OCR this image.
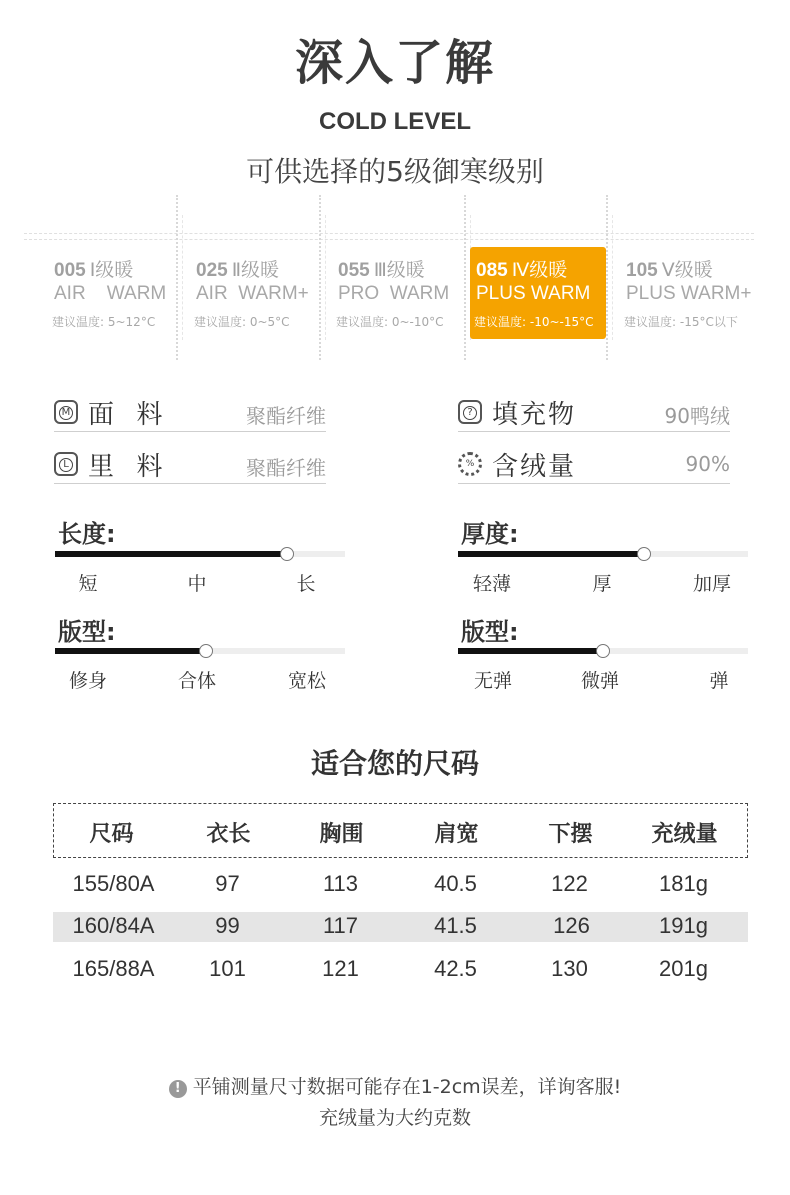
深入了解
COLD LEVEL
可供选择的5级御寒级别
005 Ⅰ级暖
AIR    WARM
建议温度: 5~12°C
025 Ⅱ级暖
AIR  WARM+
建议温度: 0~5°C
055 Ⅲ级暖
PRO  WARM
建议温度: 0~-10°C
085 Ⅳ级暖
PLUS WARM
建议温度: -10~-15°C
105 Ⅴ级暖
PLUS WARM+
建议温度: -15°C以下
M 面  料	聚酯纤维
L 里  料	聚酯纤维
? 填充物	90鸭绒
% 含绒量	90%
长度:
短	中	长
厚度:
轻薄	厚	加厚
版型:
修身	合体	宽松
版型:
无弹	微弹	弹
适合您的尺码
尺码	衣长	胸围	肩宽	下摆	充绒量
155/80A	97	113	40.5	122	181g
160/84A	99	117	41.5	126	191g
165/88A	101	121	42.5	130	201g
! 平铺测量尺寸数据可能存在1-2cm误差，详询客服!
充绒量为大约克数
